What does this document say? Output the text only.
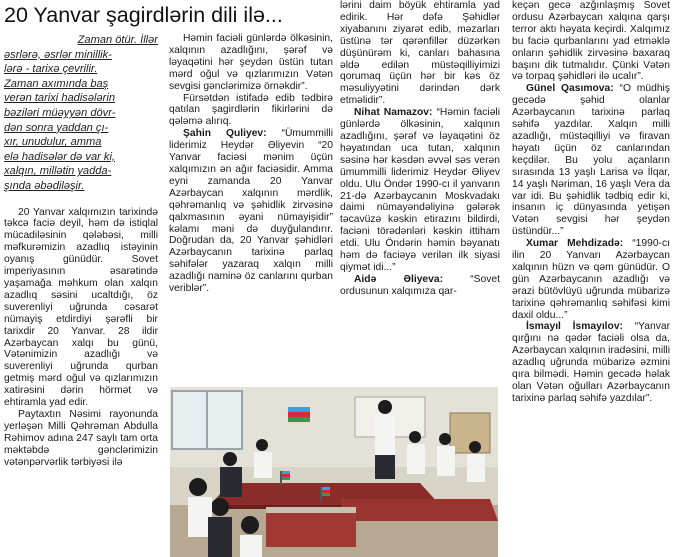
20 Yanvar şagirdlərin dili ilə...

Zaman ötür. İllər

əsrlərə, əsrlər minillik-

lərə - tarixə çevrilir.

Zaman axımında baş

verən tarixi hadisələrin

bəziləri müəyyən dövr-

dən sonra yaddan çı-

xır, unudulur, amma

elə hadisələr də var ki,

xalqın, millətin yadda-

şında əbədiləşir.

20 Yanvar xalqımızın tarixində təkcə faciə deyil, həm də istiqlal mücadiləsinin qələbəsi, milli məfkurəmizin azadlıq istəyinin oyanış günüdür. Sovet imperiyasının əsarətində yaşamağa məhkum olan xalqın azadlıq səsini ucaltdığı, öz suverenliyi uğrunda cəsarət nümayiş etdirdiyi şərəfli bir tarixdir 20 Yanvar. 28 ildir Azərbaycan xalqı bu günü, Vətənimizin azadlığı və suverenliyi uğrunda qurban getmiş mərd oğul və qızlarımızın xatirəsini dərin hörmət və ehtiramla yad edir.

Paytaxtın Nəsimi rayonunda yerləşən Milli Qəhrəman Abdulla Rəhimov adına 247 saylı tam orta məktəbdə gənclərimizin vətənpərvərlik tərbiyəsi ilə

Həmin faciəli günlərdə ölkəsinin, xalqının azadlığını, şərəf və ləyaqətini hər şeydən üstün tutan mərd oğul və qızlarımızın Vətən sevgisi gənclərimizə örnəkdir”.

Fürsətdən istifadə edib tədbirə qatılan şagirdlərin fikirlərini də qələmə alırıq.

Şahin Quliyev: “Ümummilli liderimiz Heydər Əliyevin “20 Yanvar faciəsi mənim üçün xalqımızın ən ağır faciəsidir. Amma eyni zamanda 20 Yanvar Azərbaycan xalqının mərdlik, qəhrəmanlıq və şəhidlik zirvəsinə qalxmasının əyani nümayişidir” kəlamı məni də duyğulandırır. Doğrudan da, 20 Yanvar şəhidləri Azərbaycanın tarixinə parlaq səhifələr yazaraq xalqın milli azadlığı naminə öz canlarını qurban veriblər”.

lərini daim böyük ehtiramla yad edirik. Hər dəfə Şəhidlər xiyabanını ziyarət edib, məzarları üstünə tər qərənfillər düzərkən düşünürəm ki, canları bahasına əldə edilən müstəqilliyimizi qorumaq üçün hər bir kəs öz məsuliyyətini dərindən dərk etməlidir”.

Nihat Namazov: “Həmin faciəli günlərdə ölkəsinin, xalqının azadlığını, şərəf və ləyaqətini öz həyatından uca tutan, xalqının səsinə hər kəsdən əvvəl səs verən ümummilli liderimiz Heydər Əliyev oldu. Ulu Öndər 1990-cı il yanvarın 21-də Azərbaycanın Moskvadakı daimi nümayəndəliyinə gələrək təcavüzə kəskin etirazını bildirdi, faciəni törədənləri kəskin ittiham etdi. Ulu Öndərin həmin bəyanatı həm də faciəyə verilən ilk siyasi qiymət idi...”

Aidə Əliyeva: “Sovet ordusunun xalqımıza qar-

keçən gecə azğınlaşmış Sovet ordusu Azərbaycan xalqına qarşı terror aktı həyata keçirdi. Xalqımız bu faciə qurbanlarını yad etməklə onların şəhidlik zirvəsinə baxaraq başını dik tutmalıdır. Çünki Vətən və torpaq şəhidləri ilə ucalır”.

Günel Qasımova: “O müdhiş gecədə şəhid olanlar Azərbaycanın tarixinə parlaq səhifə yazdılar. Xalqın milli azadlığı, müstəqilliyi və firavan həyatı üçün öz canlarından keçdilər. Bu yolu açanların sırasında 13 yaşlı Larisa və İlqar, 14 yaşlı Nəriman, 16 yaşlı Vera da var idi. Bu şəhidlik tədbiq edir ki, insanın iç dünyasında yetişən Vətən sevgisi hər şeydən üstündür...”

Xumar Mehdizadə: “1990-cı ilin 20 Yanvarı Azərbaycan xalqının hüzn və qəm günüdür. O gün Azərbaycanın azadlığı və ərazi bütövlüyü uğrunda mübarizə tarixinə qəhrəmanlıq səhifəsi kimi daxil oldu...”

İsmayıl İsmayılov: “Yanvar qırğını nə qədər faciəli olsa da, Azərbaycan xalqının iradəsini, milli azadlıq uğrunda mübarizə əzmini qıra bilmədi. Həmin gecədə həlak olan Vətən oğulları Azərbaycanın tarixinə parlaq səhifə yazdılar”.
